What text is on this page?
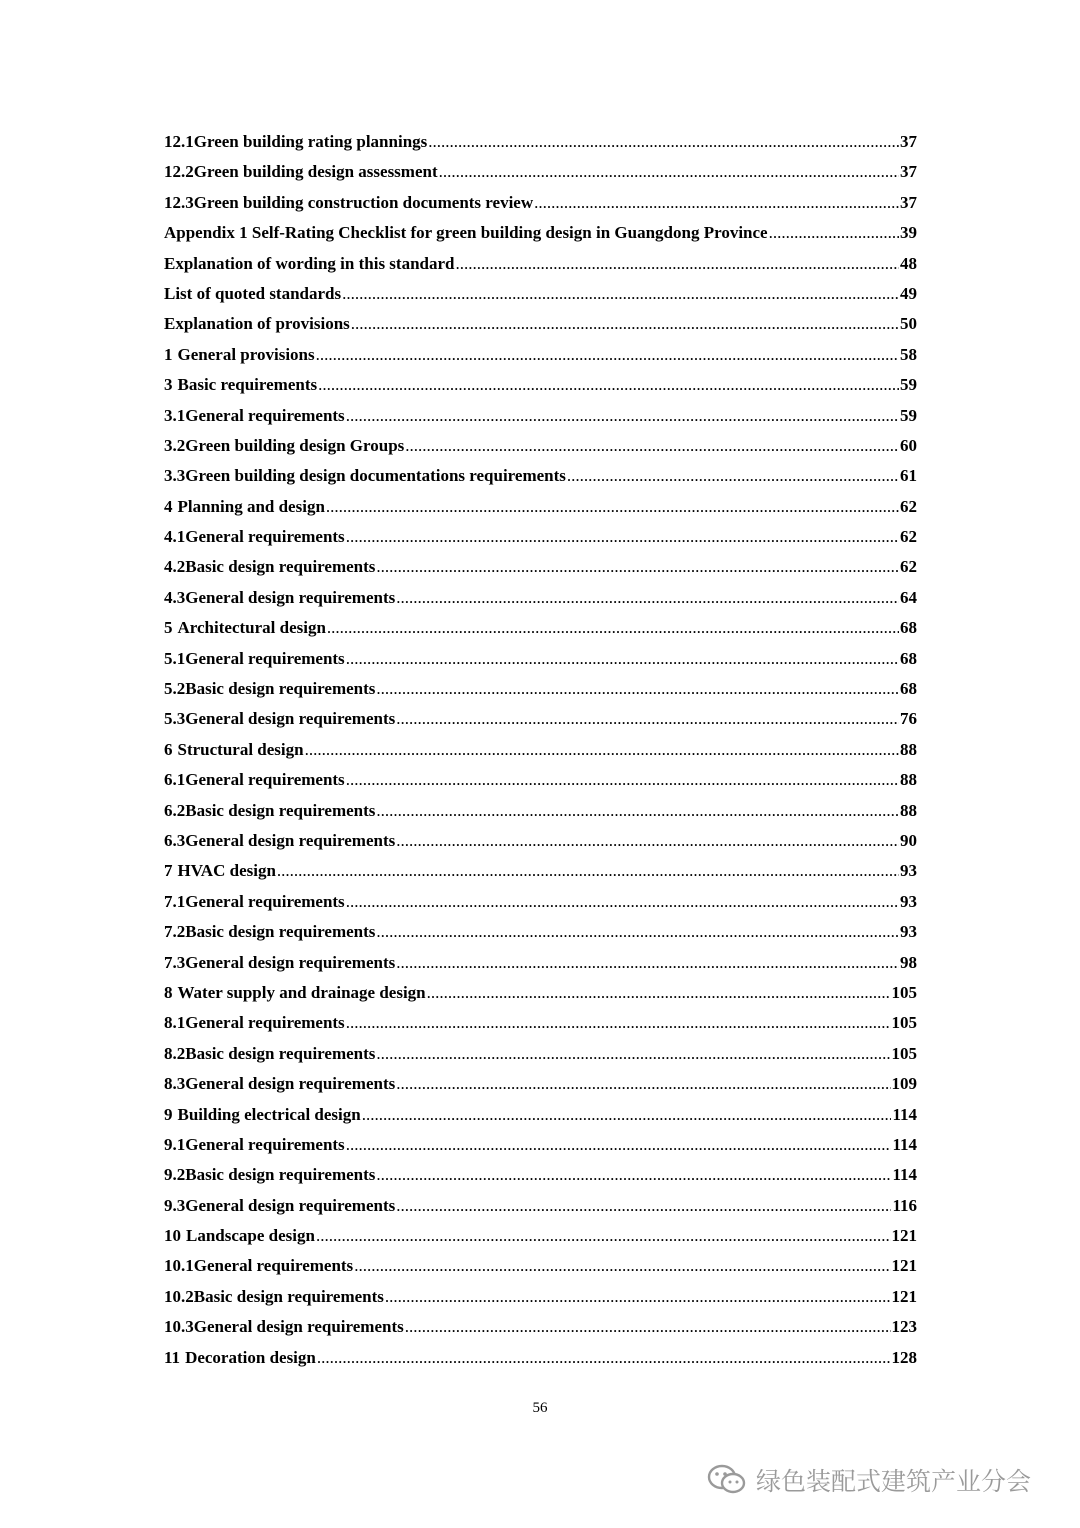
12.1 Green building rating plannings .....	37
12.2 Green building design assessment .....	37
12.3 Green building construction documents review .....	37
Appendix 1 Self-Rating Checklist for green building design in Guangdong Province .....	39
Explanation of wording in this standard .....	48
List of quoted standards .....	49
Explanation of provisions .....	50
1 General provisions .....	58
3 Basic requirements .....	59
3.1 General requirements .....	59
3.2 Green building design Groups .....	60
3.3 Green building design documentations requirements .....	61
4 Planning and design .....	62
4.1 General requirements .....	62
4.2 Basic design requirements .....	62
4.3 General design requirements .....	64
5 Architectural design .....	68
5.1 General requirements .....	68
5.2 Basic design requirements .....	68
5.3 General design requirements .....	76
6 Structural design .....	88
6.1 General requirements .....	88
6.2 Basic design requirements .....	88
6.3 General design requirements .....	90
7 HVAC design .....	93
7.1 General requirements .....	93
7.2 Basic design requirements .....	93
7.3 General design requirements .....	98
8 Water supply and drainage design .....	105
8.1 General requirements .....	105
8.2 Basic design requirements .....	105
8.3 General design requirements .....	109
9 Building electrical design .....	114
9.1 General requirements .....	114
9.2 Basic design requirements .....	114
9.3 General design requirements .....	116
10 Landscape design .....	121
10.1 General requirements .....	121
10.2 Basic design requirements .....	121
10.3 General design requirements .....	123
11 Decoration design .....	128
56
绿色装配式建筑产业分会
